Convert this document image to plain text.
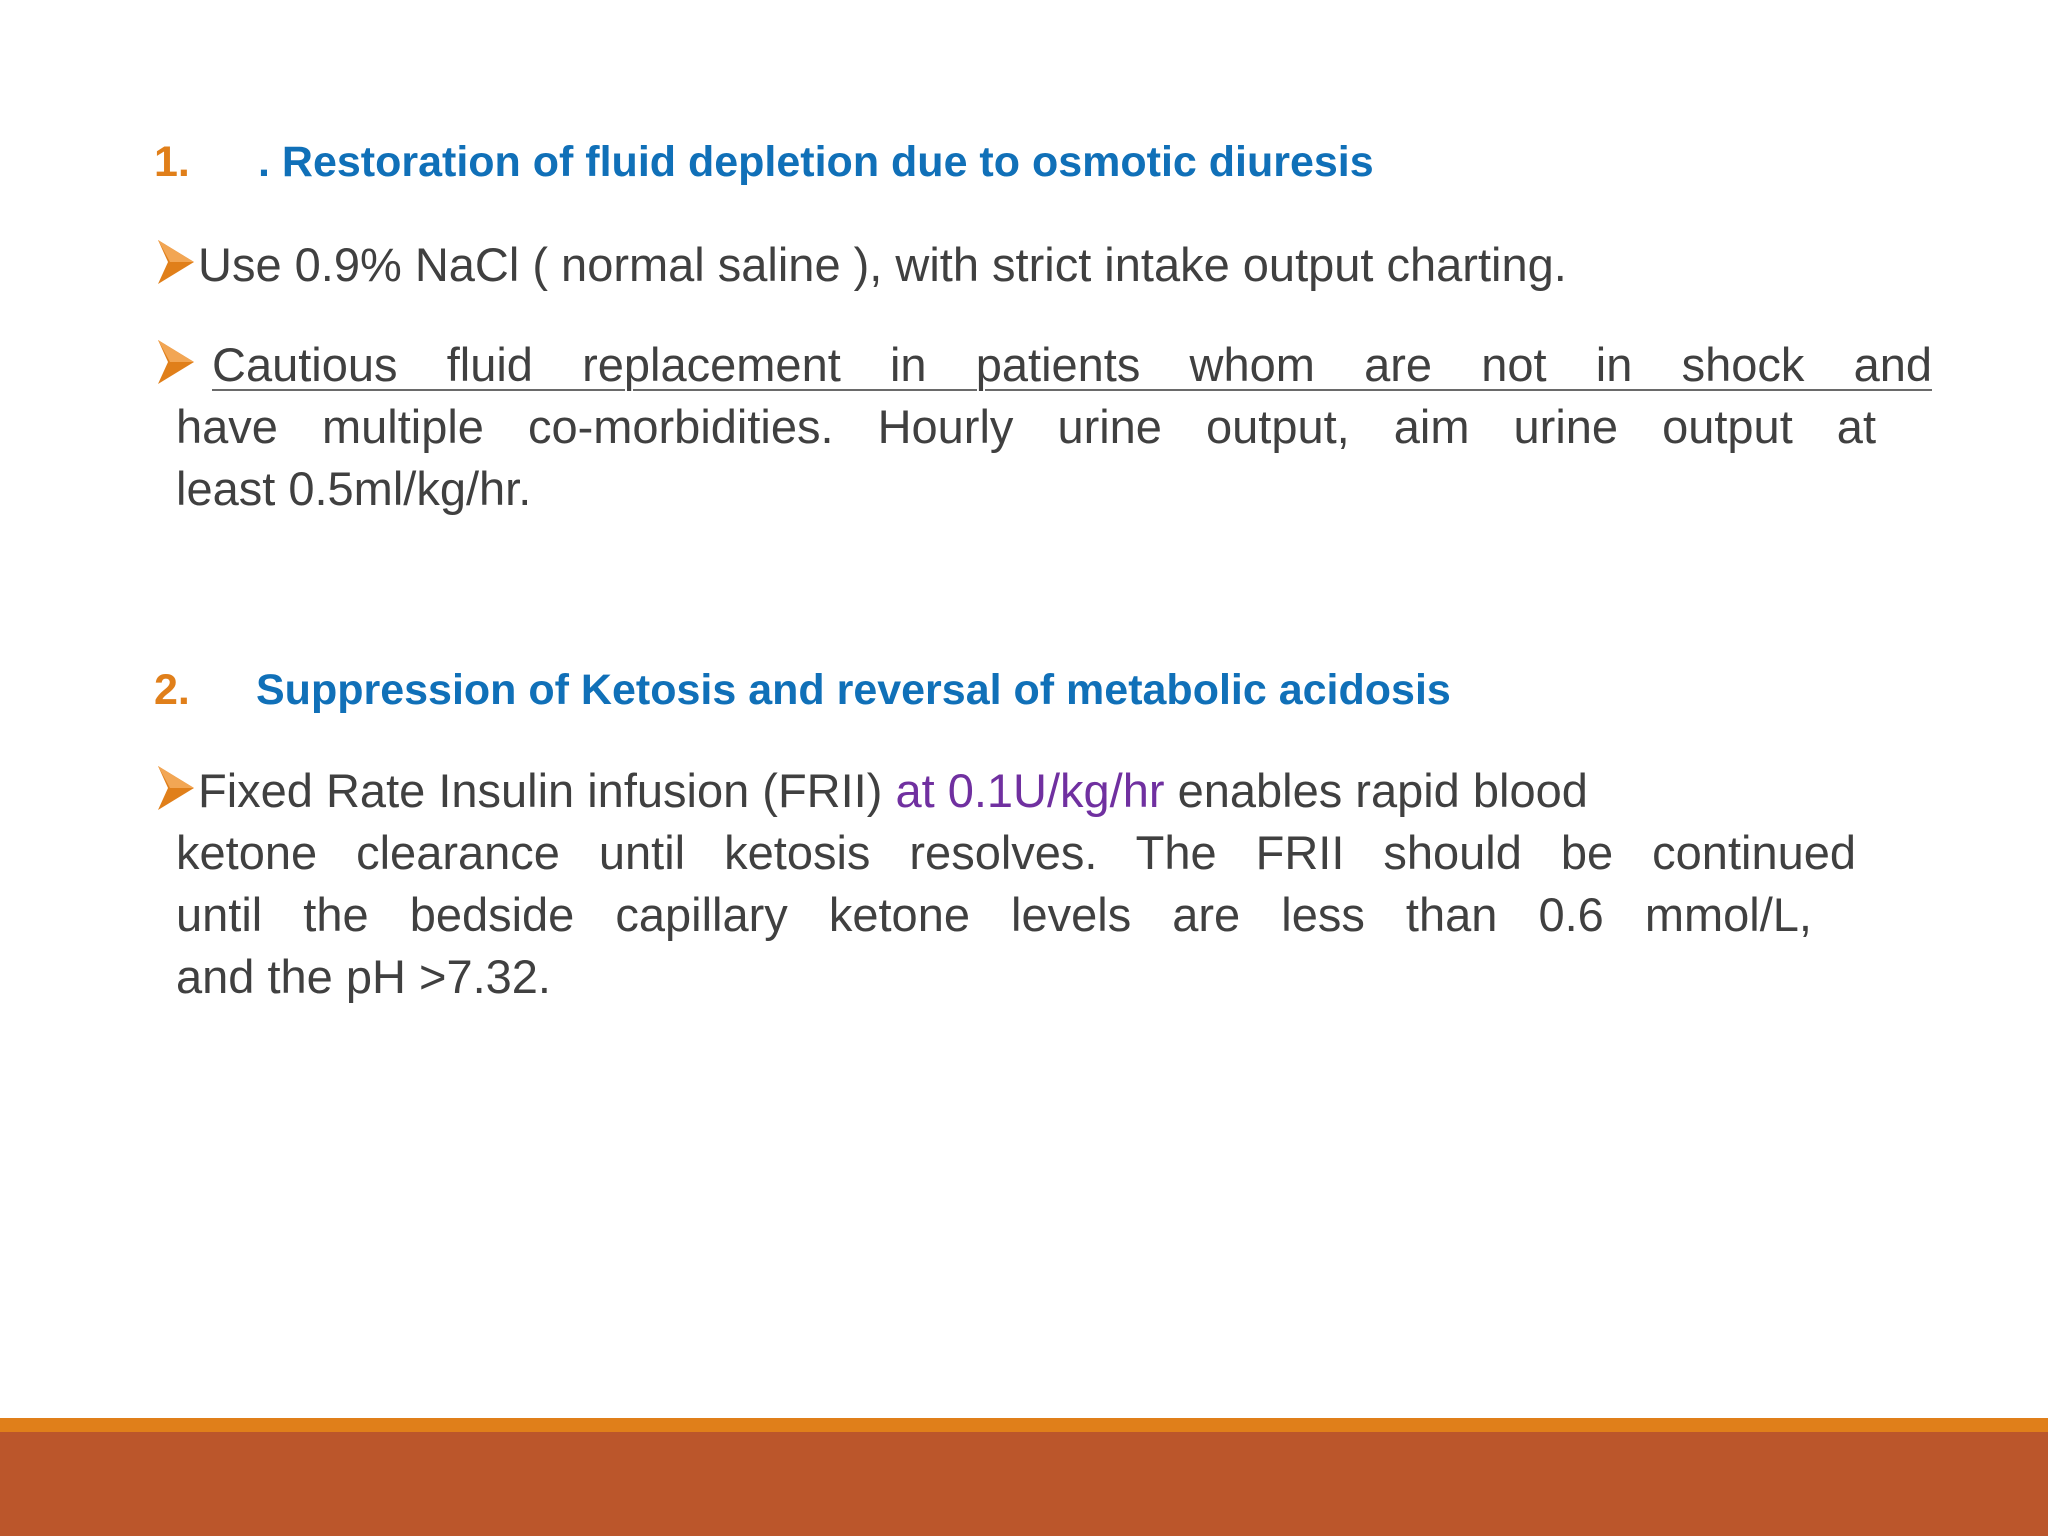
1. . Restoration of fluid depletion due to osmotic diuresis
Use 0.9% NaCl ( normal saline ), with strict intake output charting.
Cautious fluid replacement in patients whom are not in shock and
have multiple co-morbidities. Hourly urine output, aim urine output at
least 0.5ml/kg/hr.
2. Suppression of Ketosis and reversal of metabolic acidosis
Fixed Rate Insulin infusion (FRII) at 0.1U/kg/hr enables rapid blood
ketone clearance until ketosis resolves. The FRII should be continued
until the bedside capillary ketone levels are less than 0.6 mmol/L,
and the pH >7.32.
